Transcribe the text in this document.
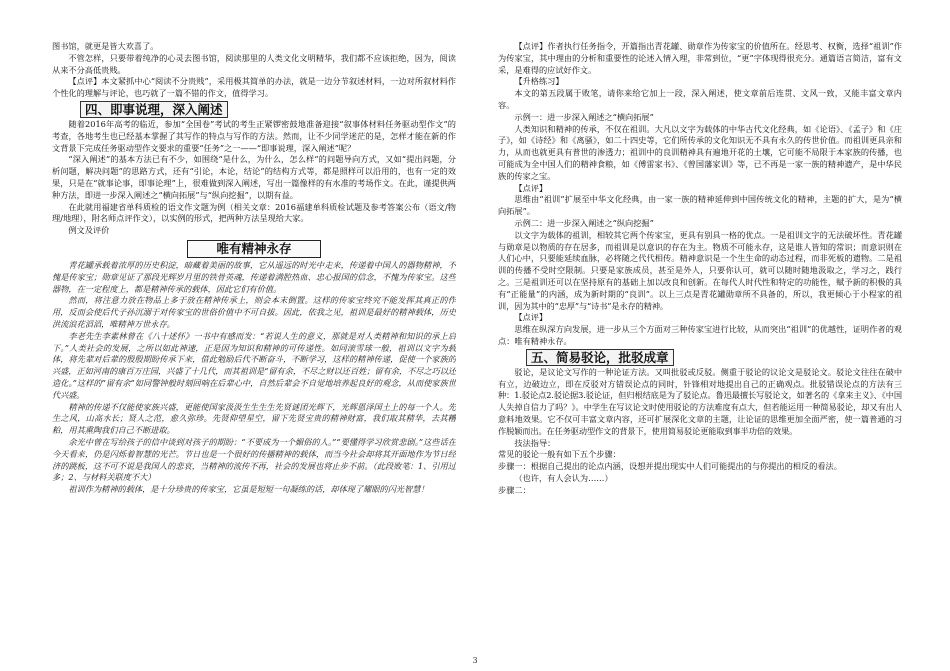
图书馆，就更是皆大欢喜了。

不管怎样，只要带着纯净的心灵去图书馆，阅读那里的人类文化文明精华，我们都不应该拒绝，因为，阅读从来不分高低贵贱。

【点评】本文紧抓中心“阅读不分贵贱”，采用极其简单的办法，就是一边分节叙述材料，一边对所叙材料作个性化的理解与评论，也巧就了一篇不错的作文，值得学习。

四、即事说理，深入阐述

随着2016年高考的临近，参加“全国卷”考试的考生正紧锣密鼓地准备迎接“叙事体材料任务驱动型作文”的考查，各地考生也已经基本掌握了其写作的特点与写作的方法。然而，让不少同学迷茫的是，怎样才能在新的作文背景下完成任务驱动型作文要求的重要“任务”之一——“即事说理，深入阐述”呢？

“深入阐述”的基本方法已有不少，如围绕“是什么，为什么，怎么样”的问题导向方式，又如“提出问题，分析问题，解决问题”的思路方式，还有“引论，本论，结论”的结构方式等，都是照样可以沿用的，也有一定的效果，只是在“就事论事，即事论理”上，很难做到深入阐述，写出一篇像样的有水准的考场作文。在此，谨提供两种方法，即进一步深入阐述之“横向拓展”与“纵向挖掘”，以期有益。

在此就用福建省单科质检的语文作文题为例（相关文章：2016福建单科质检试题及参考答案公布（语文/物理/地理），附名师点评作文），以实例的形式，把两种方法呈现给大家。

例文及评价

唯有精神永存

青花罐承载着浓厚的历史积淀，暗藏着美丽的故事，它从遥远的时光中走来，传递着中国人的器物精神，不愧是传家宝；勋章见证了那段光辉岁月里的铁骨英魂，传递着满腔热血、忠心报国的信念，不愧为传家宝。这些器物，在一定程度上，都是精神传承的载体，因此它们有价值。

然而，将注意力放在物品上多于放在精神传承上，则会本末倒置。这样的传家宝终究不能发挥其真正的作用，反而会使后代子孙沉溺于对传家宝的世俗价值中不可自拔。因此，依我之见，祖训是最好的精神载体，历史洪流浪花滔滔，唯精神万世永存。

李老先生李素林曾在《八十述怀》一书中有感而发：“若说人生的意义，那就是对人类精神和知识的承上启下。”人类社会的发展，之所以如此神速，正是因为知识和精神的可传递性。如同滚雪球一般，祖训以文字为载体，将先辈对后辈的殷殷期盼传承下来，借此勉励后代不断奋斗，不断学习，这样的精神传递，促使一个家族的兴盛，正如河南的康百万庄园，兴盛了十几代，而其祖训是“留有余，不尽之财以还百姓；留有余，不尽之巧以还造化。”这样的“留有余”如同警钟般时刻回响在后辈心中，自然后辈会不自觉地培养起良好的观念，从而使家族世代兴盛。

精神的传递不仅能使家族兴盛，更能使国家汲汲生生生生先贤谜团光辉下，光辉恩泽国土上的每一个人。先生之风，山高水长；贤人之范，愈久弥珍。先贤仰望星空，留下先贤宝贵的精神财富，我们取其精华，去其糟粕，用其熏陶我们自己不断进取。

余光中曾在写给孩子的信中谈到对孩子的期盼：“不要成为一个媚俗的人。”“要懂得学习欣赏悲剧。”这些话在今天看来，仍是闪烁着智慧的光芒。节日也是一个很好的传播精神的载体，而当今社会却将其开面地作为节日经济的跳板，这不可不说是我国人的悲哀，当精神的流传不再，社会的发展也将止步不前。（此段败笔：1、引用过多；2、与材料关联度不大）

祖训作为精神的载体，是十分珍贵的传家宝，它虽是短短一句凝练的话，却体现了耀眼的闪光智慧！

【点评】作者执行任务指令，开篇指出青花罐、勋章作为传家宝的价值所在。经思考、权衡，选择“祖训”作为传家宝，其中理由的分析和重要性的论述入情入理，非常到位，“更”字体现得很充分。通篇语言简洁，富有文采，是难得的应试好作文。

【升格练习】

本文的第五段属于败笔，请你来给它加上一段，深入阐述，使文章前后连贯、文风一致，又能丰富文章内容。

示例一：进一步深入阐述之“横向拓展”

人类知识和精神的传承，不仅在祖训。大凡以文字为载体的中华古代文化经典，如《论语》、《孟子》和《庄子》，如《诗经》和《离骚》，如二十四史等，它们所传承的文化知识无不具有永久的传世价值。而祖训更具亲和力，从而也就更具有普世的渗透力；祖训中的良训精神具有遍地开花的土壤，它可能不局限于本家族的传播，也可能成为全中国人们的精神食粮，如《傅雷家书》、《曾国藩家训》等，已不再是一家一族的精神遗产，是中华民族的传家之宝。

【点评】

思维由“祖训”扩展至中华文化经典，由一家一族的精神延伸到中国传统文化的精神，主题的扩大，是为“横向拓展”。

示例二：进一步深入阐述之“纵向挖掘”

以文字为载体的祖训，相较其它两个传家宝，更具有别具一格的优点。一是祖训文字的无法破坏性。青花罐与勋章是以物质的存在居多，而祖训是以意识的存在为主。物质不可能永存，这是谁人皆知的常识；而意识则在人们心中，只要能延续血脉，必将随之代代相传。精神意识是一个生生命的动态过程，而非死板的遗物。二是祖训的传播不受时空限制。只要是家族成员，甚至是外人，只要你认可，就可以随时随地汲取之，学习之，践行之。三是祖训还可以在坚持原有的基础上加以改良和创新。在每代人时代性和特定的功能性，赋予新的积极的具有“正能量”的内涵，成为新时期的“良训”。以上三点是青花罐勋章所不具备的，所以，我更倾心于小程家的祖训，因为其中的“忠厚”与“诗书”是永存的精神。

【点评】

思维在纵深方向发展，进一步从三个方面对三种传家宝进行比较，从而突出“祖训”的优越性，证明作者的观点：唯有精神永存。

五、简易驳论，批驳成章

驳论，是议论文写作的一种论证方法。又叫批驳或反驳。侧重于驳论的议论文是驳论文。驳论文往往在破中有立，边破边立，即在反驳对方错误论点的同时，针锋相对地提出自己的正确观点。批驳错误论点的方法有三种：1.驳论点2.驳论据3.驳论证，但归根结底是为了驳论点。鲁迅最擅长写驳论文，如著名的《拿来主义》、《中国人失掉自信力了吗？》。中学生在写议论文时使用驳论的方法难度有点大，但若能运用一种简易驳论，却又有出人意料地效果。它不仅可丰富文章内容，还可扩展深化文章的主题，让论证的思维更加全面严密，使一篇普通的习作脱颖而出。在任务驱动型作文的背景下，使用简易驳论更能取到事半功倍的效果。

技法指导：

常见的驳论一般有如下五个步骤：

步骤一：根据自己提出的论点内涵，设想并提出现实中人们可能提出的与你提出的相反的看法。

（也许，有人会认为……）

步骤二：

3
